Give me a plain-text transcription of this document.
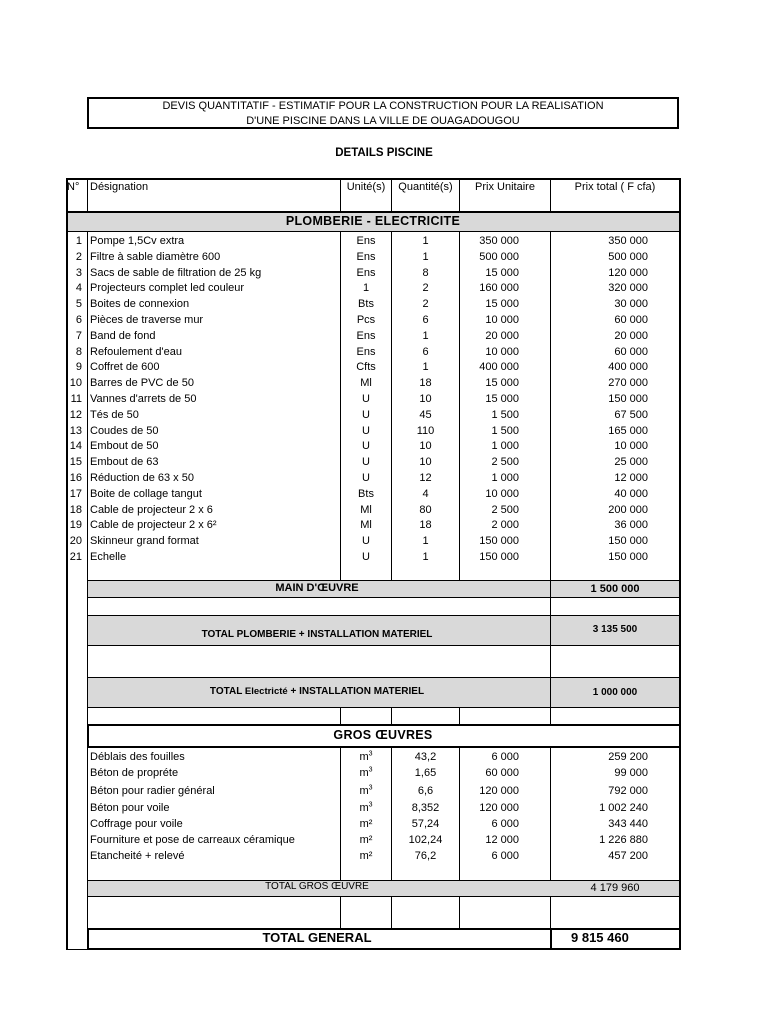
DEVIS QUANTITATIF - ESTIMATIF POUR LA CONSTRUCTION POUR LA REALISATION
D'UNE PISCINE DANS LA VILLE DE OUAGADOUGOU
DETAILS PISCINE
N° Désignation	Unité(s)	Quantité(s)	Prix Unitaire	Prix total ( F cfa)
PLOMBERIE - ELECTRICITE
1 Pompe 1,5Cv extra	Ens	1	350 000	350 000
2 Filtre à sable diamètre 600	Ens	1	500 000	500 000
3 Sacs de sable de filtration de 25 kg	Ens	8	15 000	120 000
4 Projecteurs complet led couleur	1	2	160 000	320 000
5 Boites de connexion	Bts	2	15 000	30 000
6 Pièces de traverse mur	Pcs	6	10 000	60 000
7 Band de fond	Ens	1	20 000	20 000
8 Refoulement d'eau	Ens	6	10 000	60 000
9 Coffret de 600	Cfts	1	400 000	400 000
10 Barres de PVC de 50	Ml	18	15 000	270 000
11 Vannes d'arrets de 50	U	10	15 000	150 000
12 Tés de 50	U	45	1 500	67 500
13 Coudes de 50	U	110	1 500	165 000
14 Embout de 50	U	10	1 000	10 000
15 Embout de 63	U	10	2 500	25 000
16 Réduction de 63 x 50	U	12	1 000	12 000
17 Boite de collage tangut	Bts	4	10 000	40 000
18 Cable de projecteur 2 x 6	Ml	80	2 500	200 000
19 Cable de projecteur 2 x 6²	Ml	18	2 000	36 000
20 Skinneur grand format	U	1	150 000	150 000
21 Echelle	U	1	150 000	150 000
MAIN D'ŒUVRE	1 500 000
TOTAL PLOMBERIE + INSTALLATION MATERIEL	3 135 500
TOTAL Electricté + INSTALLATION MATERIEL	1 000 000
GROS ŒUVRES
Déblais des fouilles	$m^3$	43,2	6 000	259 200
Béton de propréte	$m^3$	1,65	60 000	99 000
Béton pour radier général	$m^3$	6,6	120 000	792 000
Béton pour voile	$m^3$	8,352	120 000	1 002 240
Coffrage pour voile	m²	57,24	6 000	343 440
Fourniture et pose de carreaux céramique	m²	102,24	12 000	1 226 880
Etancheité + relevé	m²	76,2	6 000	457 200
TOTAL GROS ŒUVRE	4 179 960
TOTAL GENERAL	9 815 460
